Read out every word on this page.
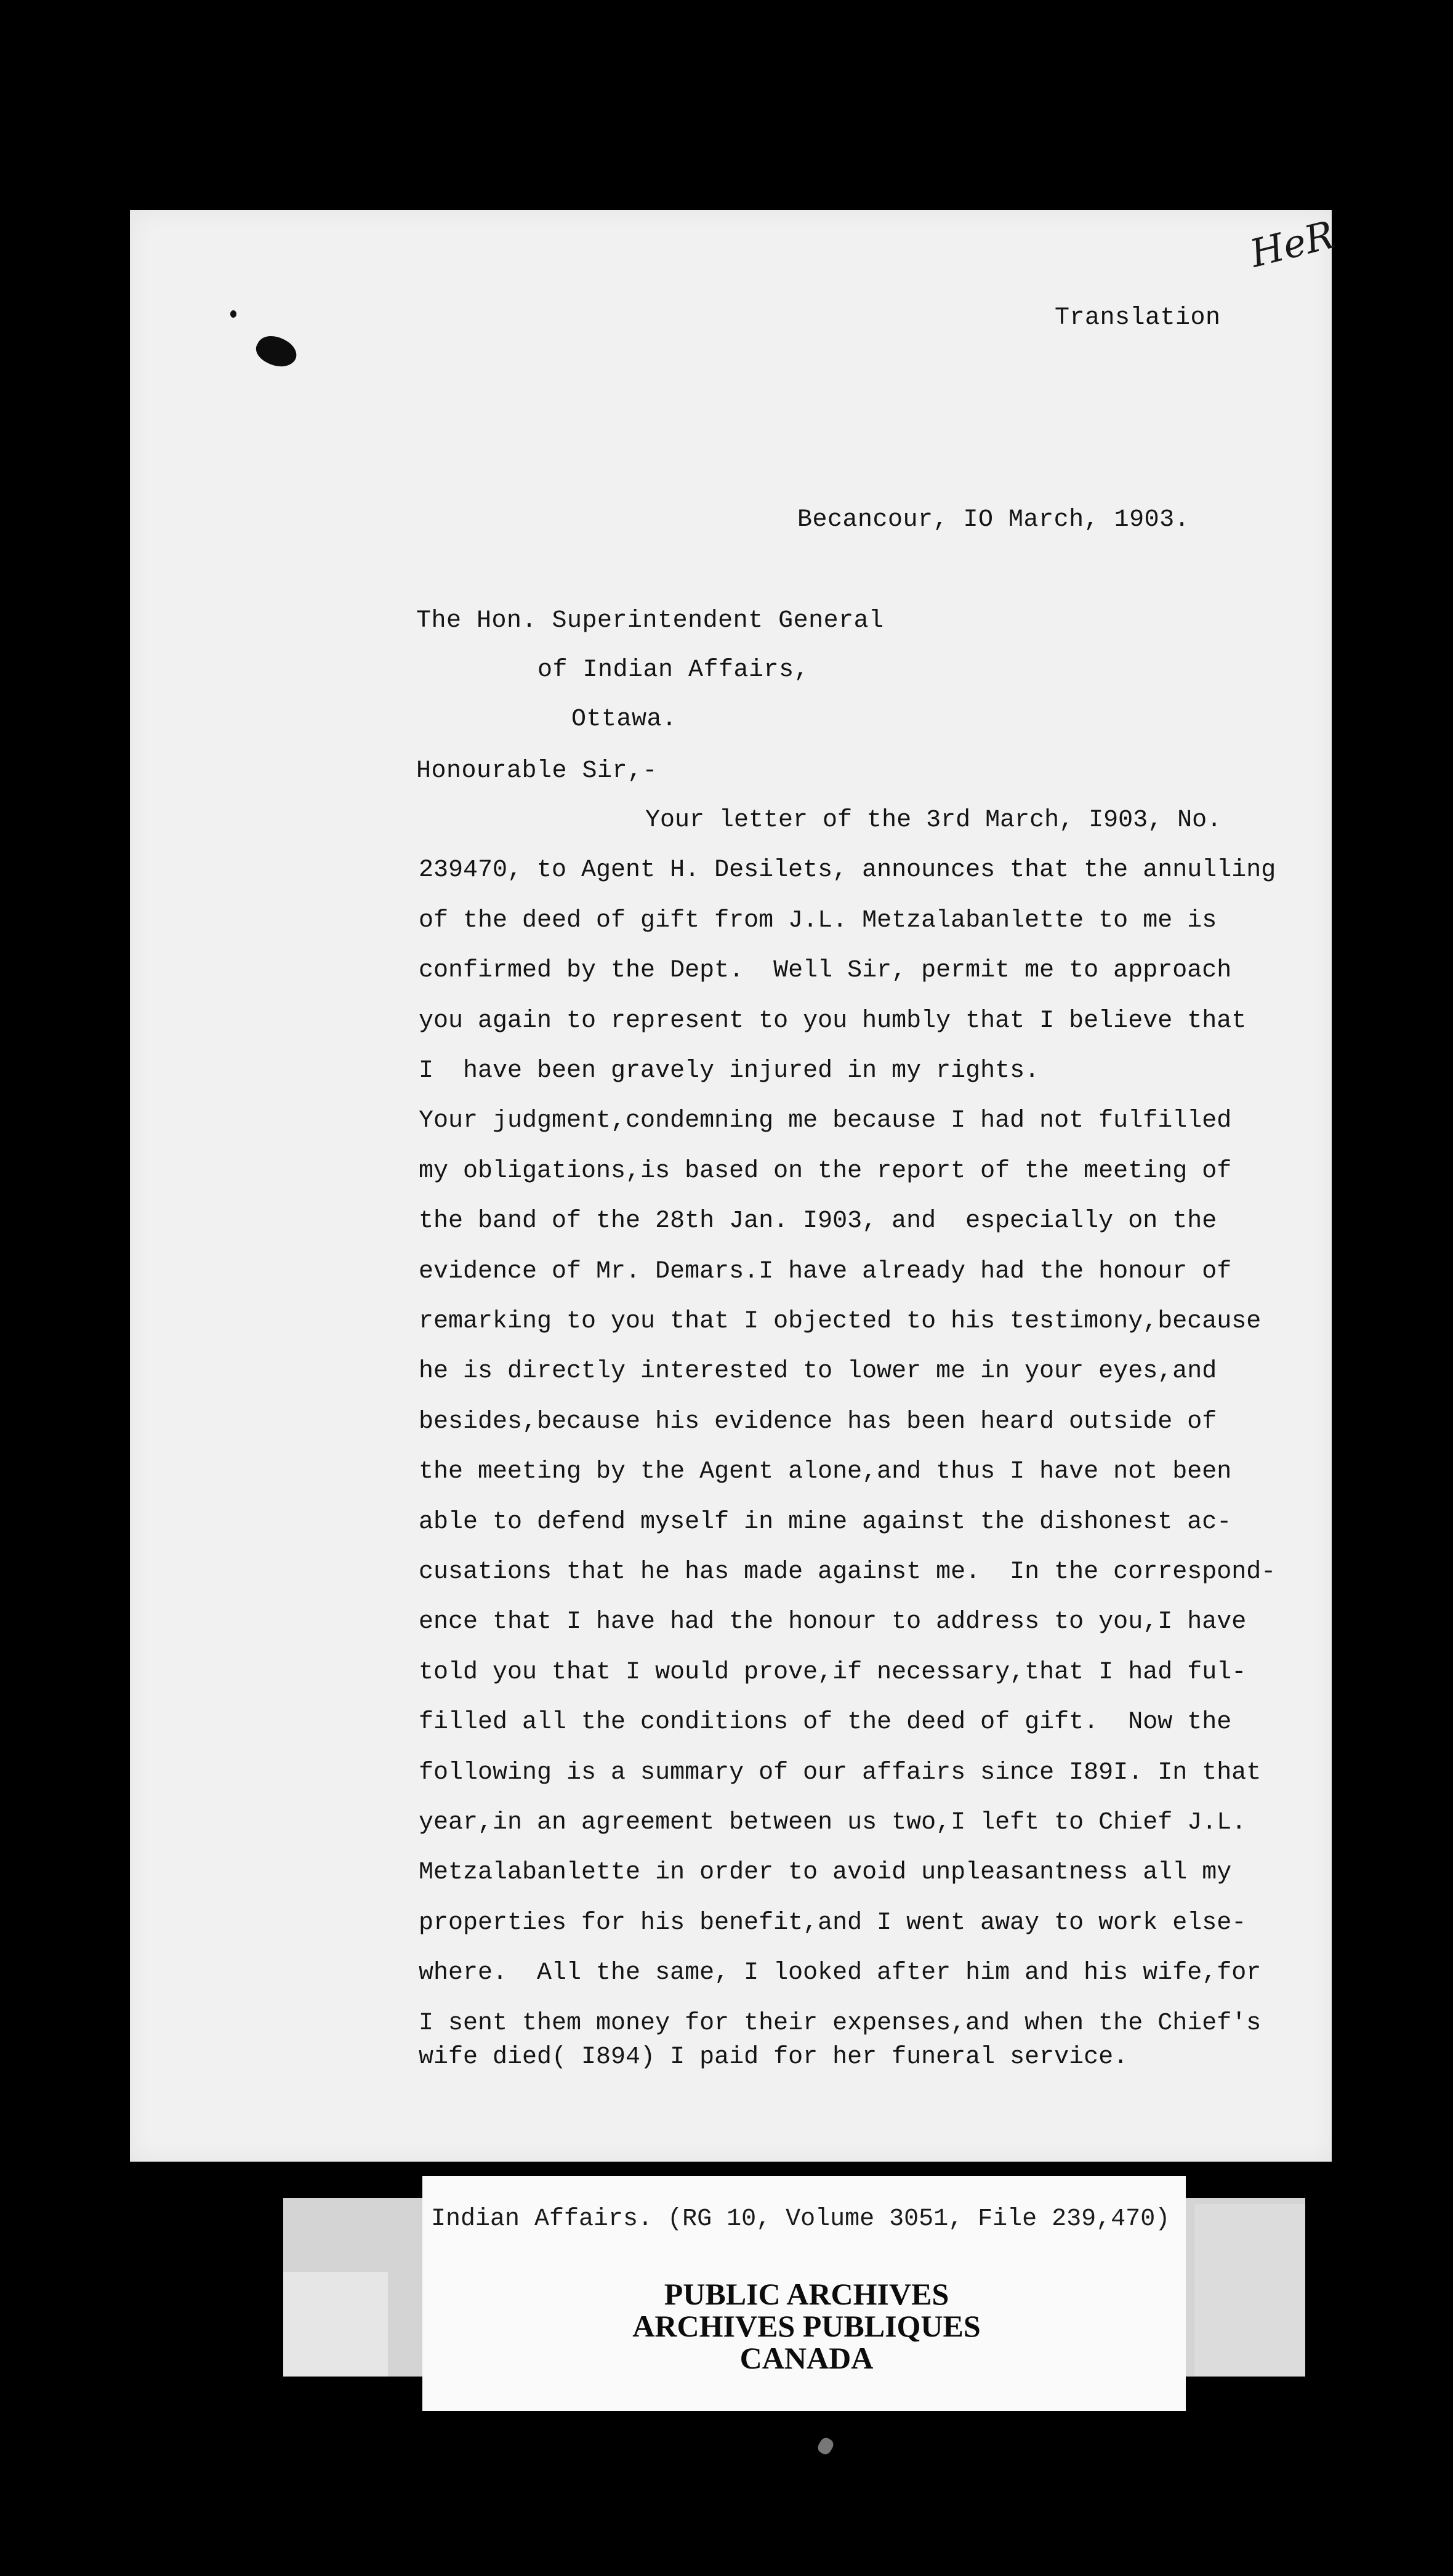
HeR
Translation
Becancour, IO March, 1903.
The Hon. Superintendent General
of Indian Affairs,
Ottawa.
Honourable Sir,-
Your letter of the 3rd March, I903, No.
239470, to Agent H. Desilets, announces that the annulling
of the deed of gift from J.L. Metzalabanlette to me is
confirmed by the Dept.  Well Sir, permit me to approach
you again to represent to you humbly that I believe that
I  have been gravely injured in my rights.
Your judgment,condemning me because I had not fulfilled
my obligations,is based on the report of the meeting of
the band of the 28th Jan. I903, and  especially on the
evidence of Mr. Demars.I have already had the honour of
remarking to you that I objected to his testimony,because
he is directly interested to lower me in your eyes,and
besides,because his evidence has been heard outside of
the meeting by the Agent alone,and thus I have not been
able to defend myself in mine against the dishonest ac-
cusations that he has made against me.  In the correspond-
ence that I have had the honour to address to you,I have
told you that I would prove,if necessary,that I had ful-
filled all the conditions of the deed of gift.  Now the
following is a summary of our affairs since I89I. In that
year,in an agreement between us two,I left to Chief J.L.
Metzalabanlette in order to avoid unpleasantness all my
properties for his benefit,and I went away to work else-
where.  All the same, I looked after him and his wife,for
I sent them money for their expenses,and when the Chief's
wife died( I894) I paid for her funeral service.
Indian Affairs. (RG 10, Volume 3051, File 239,470)
PUBLIC ARCHIVES
ARCHIVES PUBLIQUES
CANADA
